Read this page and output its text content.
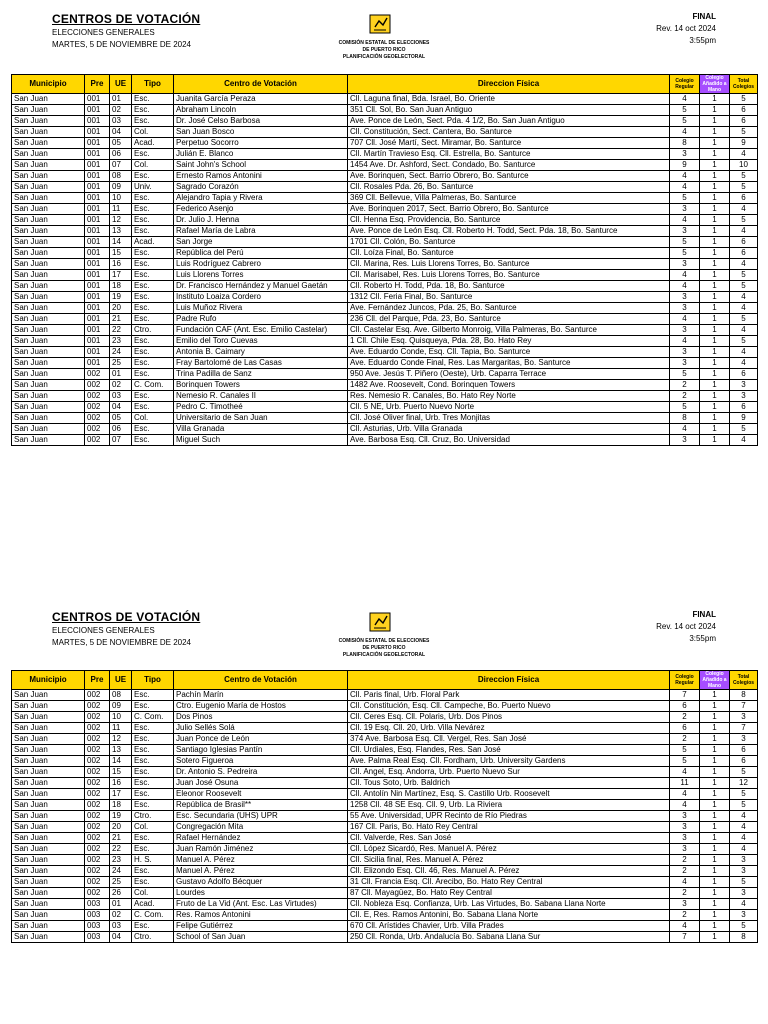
CENTROS DE VOTACIÓN
ELECCIONES GENERALES
MARTES, 5 DE NOVIEMBRE DE 2024	COMISIÓN ESTATAL DE ELECCIONES
DE PUERTO RICO
PLANIFICACIÓN GEOELECTORAL
FINAL
Rev. 14 oct 2024
3:55pm
Municipio	Pre	UE	Tipo	Centro de Votación	Direccion Física	Colegio Regular	Colegio Añadido a Mano	Total Colegios
San Juan	001	01	Esc.	Juanita García Peraza	Cll. Laguna final, Bda. Israel, Bo. Oriente	4	1	5
San Juan	001	02	Esc.	Abraham Lincoln	351 Cll. Sol, Bo. San Juan Antiguo	5	1	6
San Juan	001	03	Esc.	Dr. José Celso Barbosa	Ave. Ponce de León, Sect. Pda. 4 1/2, Bo. San Juan Antiguo	5	1	6
San Juan	001	04	Col.	San Juan Bosco	Cll. Constitución, Sect. Cantera, Bo. Santurce	4	1	5
San Juan	001	05	Acad.	Perpetuo Socorro	707 Cll. José Martí, Sect. Miramar, Bo. Santurce	8	1	9
San Juan	001	06	Esc.	Julián E. Blanco	Cll. Martín Travieso Esq. Cll. Estrella, Bo. Santurce	3	1	4
San Juan	001	07	Col.	Saint John's School	1454 Ave. Dr. Ashford, Sect. Condado, Bo. Santurce	9	1	10
San Juan	001	08	Esc.	Ernesto Ramos Antonini	Ave. Borinquen, Sect. Barrio Obrero, Bo. Santurce	4	1	5
San Juan	001	09	Univ.	Sagrado Corazón	Cll. Rosales Pda. 26, Bo. Santurce	4	1	5
San Juan	001	10	Esc.	Alejandro Tapia y Rivera	369 Cll. Bellevue, Villa Palmeras, Bo. Santurce	5	1	6
San Juan	001	11	Esc.	Federico Asenjo	Ave. Borinquen 2017, Sect. Barrio Obrero, Bo. Santurce	3	1	4
San Juan	001	12	Esc.	Dr. Julio J. Henna	Cll. Henna Esq. Providencia, Bo. Santurce	4	1	5
San Juan	001	13	Esc.	Rafael María de Labra	Ave. Ponce de León Esq. Cll. Roberto H. Todd, Sect. Pda. 18, Bo. Santurce	3	1	4
San Juan	001	14	Acad.	San Jorge	1701 Cll. Colón, Bo. Santurce	5	1	6
San Juan	001	15	Esc.	República del Perú	Cll. Loíza Final, Bo. Santurce	5	1	6
San Juan	001	16	Esc.	Luis Rodríguez Cabrero	Cll. Marina, Res. Luis Llorens Torres, Bo. Santurce	3	1	4
San Juan	001	17	Esc.	Luis Llorens Torres	Cll. Marisabel, Res. Luis Llorens Torres, Bo. Santurce	4	1	5
San Juan	001	18	Esc.	Dr. Francisco Hernández y Manuel Gaetán	Cll. Roberto H. Todd, Pda. 18, Bo. Santurce	4	1	5
San Juan	001	19	Esc.	Instituto Loaiza Cordero	1312 Cll. Feria Final, Bo. Santurce	3	1	4
San Juan	001	20	Esc.	Luis Muñoz Rivera	Ave. Fernández Juncos, Pda. 25, Bo. Santurce	3	1	4
San Juan	001	21	Esc.	Padre Rufo	236 Cll. del Parque, Pda. 23, Bo. Santurce	4	1	5
San Juan	001	22	Ctro.	Fundación CAF (Ant. Esc. Emilio Castelar)	Cll. Castelar Esq. Ave. Gilberto Monroig, Villa Palmeras, Bo. Santurce	3	1	4
San Juan	001	23	Esc.	Emilio del Toro Cuevas	1 Cll. Chile Esq. Quisqueya, Pda. 28, Bo. Hato Rey	4	1	5
San Juan	001	24	Esc.	Antonia B. Caimary	Ave. Eduardo Conde, Esq. Cll. Tapia, Bo. Santurce	3	1	4
San Juan	001	25	Esc.	Fray Bartolomé de Las Casas	Ave. Eduardo Conde Final, Res. Las Margaritas, Bo. Santurce	3	1	4
San Juan	002	01	Esc.	Trina Padilla de Sanz	950 Ave. Jesús T. Piñero (Oeste), Urb. Caparra Terrace	5	1	6
San Juan	002	02	C. Com.	Borinquen Towers	1482 Ave. Roosevelt, Cond. Borinquen Towers	2	1	3
San Juan	002	03	Esc.	Nemesio R. Canales II	Res. Nemesio R. Canales, Bo. Hato Rey Norte	2	1	3
San Juan	002	04	Esc.	Pedro C. Timotheé	Cll. 5 NE, Urb. Puerto Nuevo Norte	5	1	6
San Juan	002	05	Col.	Universitario de San Juan	Cll. José Oliver final, Urb. Tres Monjitas	8	1	9
San Juan	002	06	Esc.	Villa Granada	Cll. Asturias, Urb. Villa Granada	4	1	5
San Juan	002	07	Esc.	Miguel Such	Ave. Barbosa Esq. Cll. Cruz, Bo. Universidad	3	1	4
CENTROS DE VOTACIÓN
ELECCIONES GENERALES
MARTES, 5 DE NOVIEMBRE DE 2024	COMISIÓN ESTATAL DE ELECCIONES
DE PUERTO RICO
PLANIFICACIÓN GEOELECTORAL
FINAL
Rev. 14 oct 2024
3:55pm
Municipio	Pre	UE	Tipo	Centro de Votación	Direccion Física	Colegio Regular	Colegio Añadido a Mano	Total Colegios
San Juan	002	08	Esc.	Pachín Marín	Cll. Paris final, Urb. Floral Park	7	1	8
San Juan	002	09	Esc.	Ctro. Eugenio María de Hostos	Cll. Constitución, Esq. Cll. Campeche, Bo. Puerto Nuevo	6	1	7
San Juan	002	10	C. Com.	Dos Pinos	Cll. Ceres Esq. Cll. Polaris, Urb. Dos Pinos	2	1	3
San Juan	002	11	Esc.	Julio Sellés Solá	Cll. 19 Esq. Cll. 20, Urb. Villa Nevárez	6	1	7
San Juan	002	12	Esc.	Juan Ponce de León	374 Ave. Barbosa Esq. Cll. Vergel, Res. San José	2	1	3
San Juan	002	13	Esc.	Santiago Iglesias Pantín	Cll. Urdiales, Esq. Flandes, Res. San José	5	1	6
San Juan	002	14	Esc.	Sotero Figueroa	Ave. Palma Real Esq. Cll. Fordham, Urb. University Gardens	5	1	6
San Juan	002	15	Esc.	Dr. Antonio S. Pedreira	Cll. Angel, Esq. Andorra, Urb. Puerto Nuevo Sur	4	1	5
San Juan	002	16	Esc.	Juan José Osuna	Cll. Tous Soto, Urb. Baldrich	11	1	12
San Juan	002	17	Esc.	Eleonor Roosevelt	Cll. Antolín Nin Martínez, Esq. S. Castillo Urb. Roosevelt	4	1	5
San Juan	002	18	Esc.	República de Brasil**	1258 Cll. 48 SE Esq. Cll. 9, Urb. La Riviera	4	1	5
San Juan	002	19	Ctro.	Esc. Secundaria (UHS) UPR	55 Ave. Universidad, UPR Recinto de Río Piedras	3	1	4
San Juan	002	20	Col.	Congregación Mita	167 Cll. Paris, Bo. Hato Rey Central	3	1	4
San Juan	002	21	Esc.	Rafael Hernández	Cll. Valverde, Res. San José	3	1	4
San Juan	002	22	Esc.	Juan Ramón Jiménez	Cll. López Sicardó, Res. Manuel A. Pérez	3	1	4
San Juan	002	23	H. S.	Manuel A. Pérez	Cll. Sicilia final, Res. Manuel A. Pérez	2	1	3
San Juan	002	24	Esc.	Manuel A. Pérez	Cll. Elizondo Esq. Cll. 46, Res. Manuel A. Pérez	2	1	3
San Juan	002	25	Esc.	Gustavo Adolfo Bécquer	31 Cll. Francia Esq. Cll. Arecibo, Bo. Hato Rey Central	4	1	5
San Juan	002	26	Col.	Lourdes	87 Cll. Mayagüez, Bo. Hato Rey Central	2	1	3
San Juan	003	01	Acad.	Fruto de La Vid (Ant. Esc. Las Virtudes)	Cll. Nobleza Esq. Confianza, Urb. Las Virtudes, Bo. Sabana Llana Norte	3	1	4
San Juan	003	02	C. Com.	Res. Ramos Antonini	Cll. E, Res. Ramos Antonini, Bo. Sabana Llana Norte	2	1	3
San Juan	003	03	Esc.	Felipe Gutiérrez	670 Cll. Arístides Chavier, Urb. Villa Prades	4	1	5
San Juan	003	04	Ctro.	School of San Juan	250 Cll. Ronda, Urb. Andalucía Bo. Sabana Llana Sur	7	1	8
